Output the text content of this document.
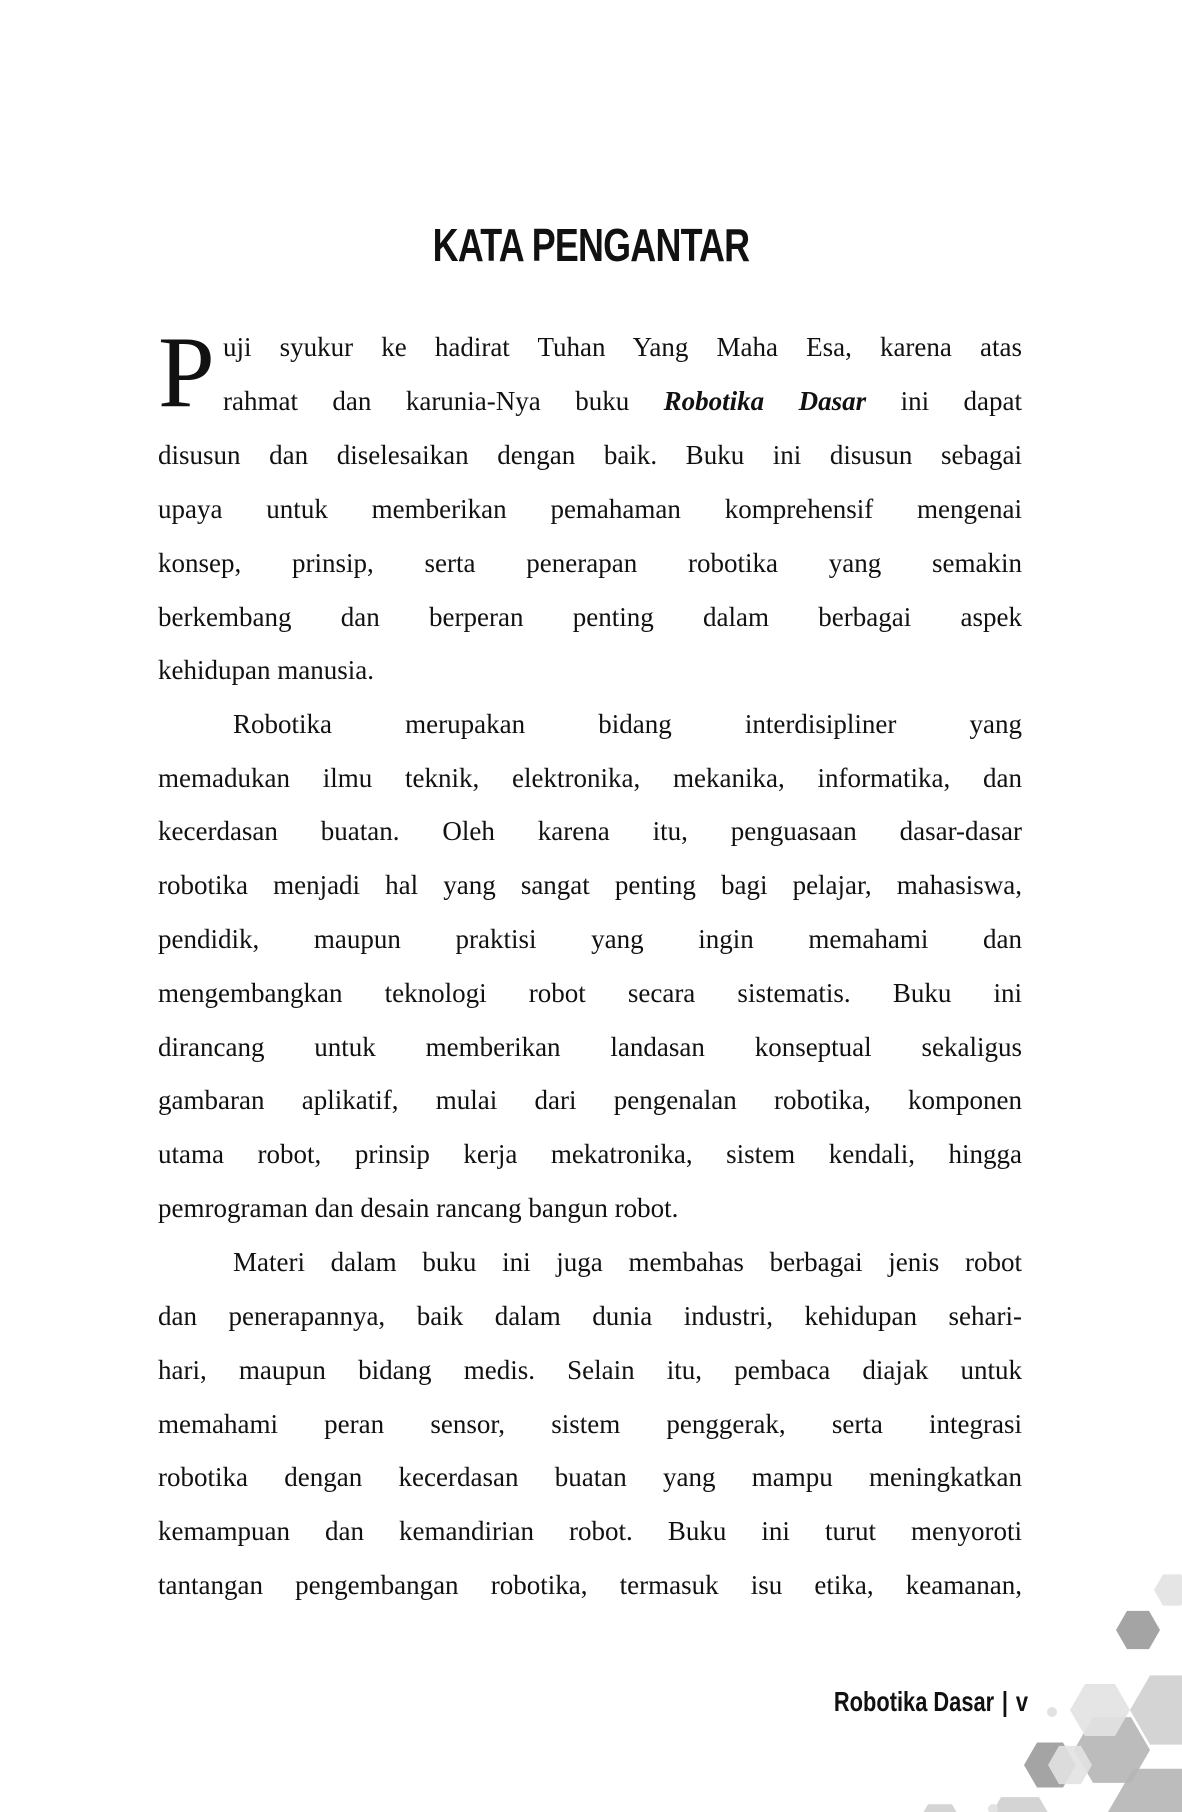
KATA PENGANTAR
P uji syukur ke hadirat Tuhan Yang Maha Esa, karena atas
rahmat dan karunia-Nya buku Robotika Dasar ini dapat
disusun dan diselesaikan dengan baik. Buku ini disusun sebagai
upaya untuk memberikan pemahaman komprehensif mengenai
konsep, prinsip, serta penerapan robotika yang semakin
berkembang dan berperan penting dalam berbagai aspek
kehidupan manusia.
Robotika merupakan bidang interdisipliner yang
memadukan ilmu teknik, elektronika, mekanika, informatika, dan
kecerdasan buatan. Oleh karena itu, penguasaan dasar-dasar
robotika menjadi hal yang sangat penting bagi pelajar, mahasiswa,
pendidik, maupun praktisi yang ingin memahami dan
mengembangkan teknologi robot secara sistematis. Buku ini
dirancang untuk memberikan landasan konseptual sekaligus
gambaran aplikatif, mulai dari pengenalan robotika, komponen
utama robot, prinsip kerja mekatronika, sistem kendali, hingga
pemrograman dan desain rancang bangun robot.
Materi dalam buku ini juga membahas berbagai jenis robot
dan penerapannya, baik dalam dunia industri, kehidupan sehari-
hari, maupun bidang medis. Selain itu, pembaca diajak untuk
memahami peran sensor, sistem penggerak, serta integrasi
robotika dengan kecerdasan buatan yang mampu meningkatkan
kemampuan dan kemandirian robot. Buku ini turut menyoroti
tantangan pengembangan robotika, termasuk isu etika, keamanan,
Robotika Dasar | v
